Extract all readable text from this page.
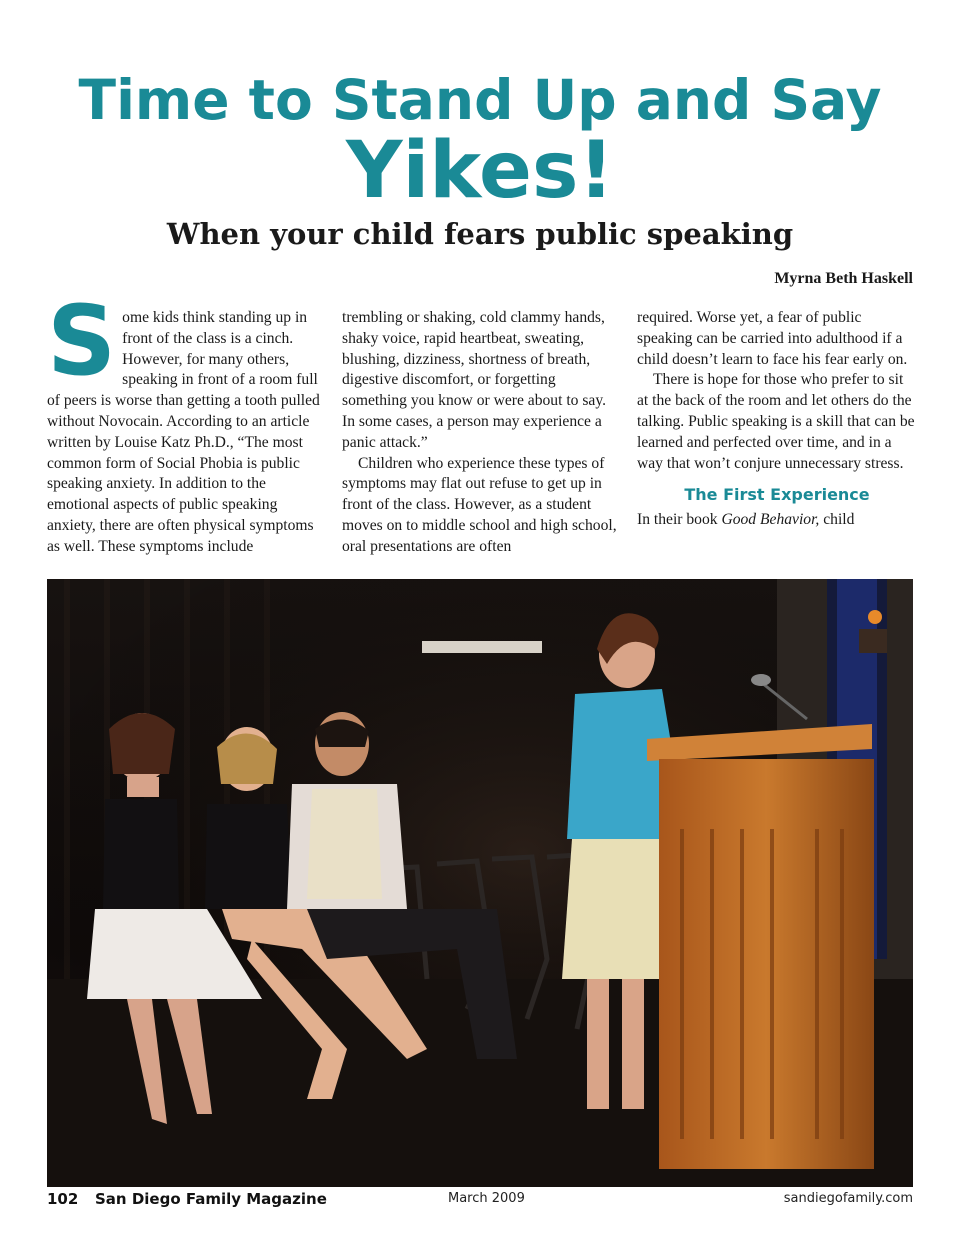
Time to Stand Up and Say
Yikes!
When your child fears public speaking
Myrna Beth Haskell

Some kids think standing up in front of the class is a cinch. However, for many others, speaking in front of a room full of peers is worse than getting a tooth pulled without Novocain. According to an article written by Louise Katz Ph.D., “The most common form of Social Phobia is public speaking anxiety. In addition to the emotional aspects of public speaking anxiety, there are often physical symptoms as well. These symptoms include

trembling or shaking, cold clammy hands, shaky voice, rapid heartbeat, sweating, blushing, dizziness, shortness of breath, digestive discomfort, or forgetting something you know or were about to say. In some cases, a person may experience a panic attack.”

Children who experience these types of symptoms may flat out refuse to get up in front of the class. However, as a student moves on to middle school and high school, oral presentations are often

required. Worse yet, a fear of public speaking can be carried into adulthood if a child doesn’t learn to face his fear early on.

There is hope for those who prefer to sit at the back of the room and let others do the talking. Public speaking is a skill that can be learned and perfected over time, and in a way that won’t conjure unnecessary stress.

The First Experience

In their book Good Behavior, child

102 San Diego Family Magazine	March 2009	sandiegofamily.com
